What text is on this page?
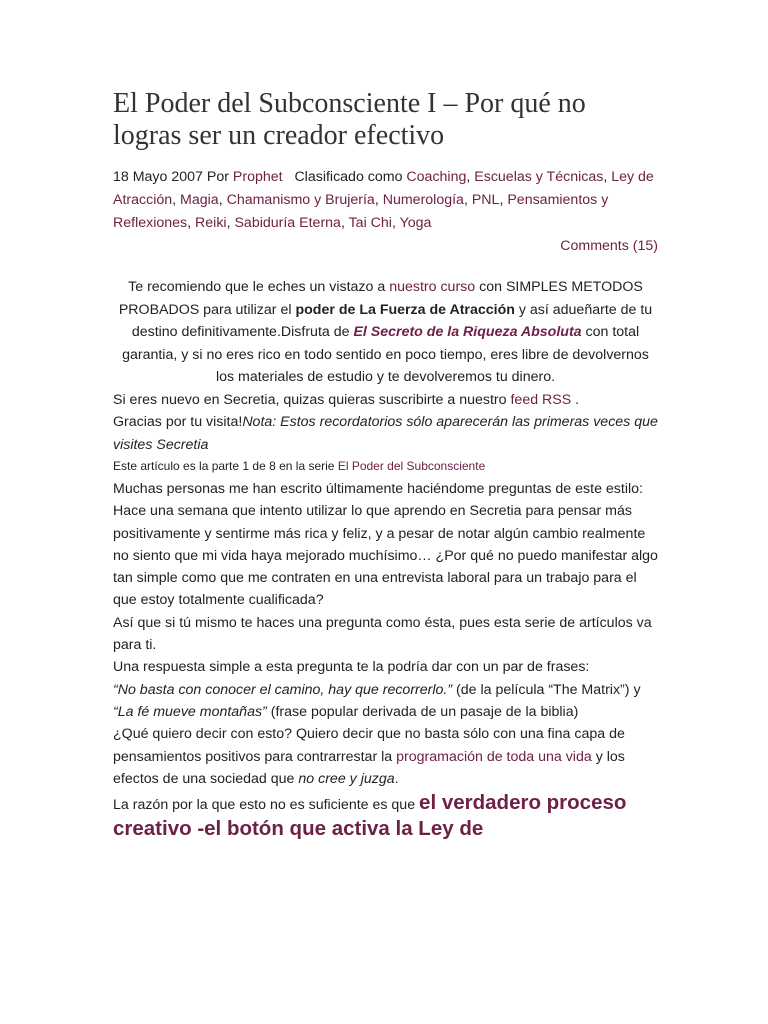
El Poder del Subconsciente I – Por qué no logras ser un creador efectivo

18 Mayo 2007 Por Prophet Clasificado como Coaching, Escuelas y Técnicas, Ley de Atracción, Magia, Chamanismo y Brujería, Numerología, PNL, Pensamientos y Reflexiones, Reiki, Sabiduría Eterna, Tai Chi, Yoga

Comments (15)

Te recomiendo que le eches un vistazo a nuestro curso con SIMPLES METODOS PROBADOS para utilizar el poder de La Fuerza de Atracción y así adueñarte de tu destino definitivamente.Disfruta de El Secreto de la Riqueza Absoluta con total garantia, y si no eres rico en todo sentido en poco tiempo, eres libre de devolvernos los materiales de estudio y te devolveremos tu dinero.
Si eres nuevo en Secretia, quizas quieras suscribirte a nuestro feed RSS .
Gracias por tu visita!Nota: Estos recordatorios sólo aparecerán las primeras veces que visites Secretia

Este artículo es la parte 1 de 8 en la serie El Poder del Subconsciente

Muchas personas me han escrito últimamente haciéndome preguntas de este estilo:

Hace una semana que intento utilizar lo que aprendo en Secretia para pensar más positivamente y sentirme más rica y feliz, y a pesar de notar algún cambio realmente no siento que mi vida haya mejorado muchísimo… ¿Por qué no puedo manifestar algo tan simple como que me contraten en una entrevista laboral para un trabajo para el que estoy totalmente cualificada?

Así que si tú mismo te haces una pregunta como ésta, pues esta serie de artículos va para ti.

Una respuesta simple a esta pregunta te la podría dar con un par de frases:

“No basta con conocer el camino, hay que recorrerlo.” (de la película “The Matrix”) y “La fé mueve montañas” (frase popular derivada de un pasaje de la biblia)

¿Qué quiero decir con esto? Quiero decir que no basta sólo con una fina capa de pensamientos positivos para contrarrestar la programación de toda una vida y los efectos de una sociedad que no cree y juzga.

La razón por la que esto no es suficiente es que el verdadero proceso creativo -el botón que activa la Ley de
